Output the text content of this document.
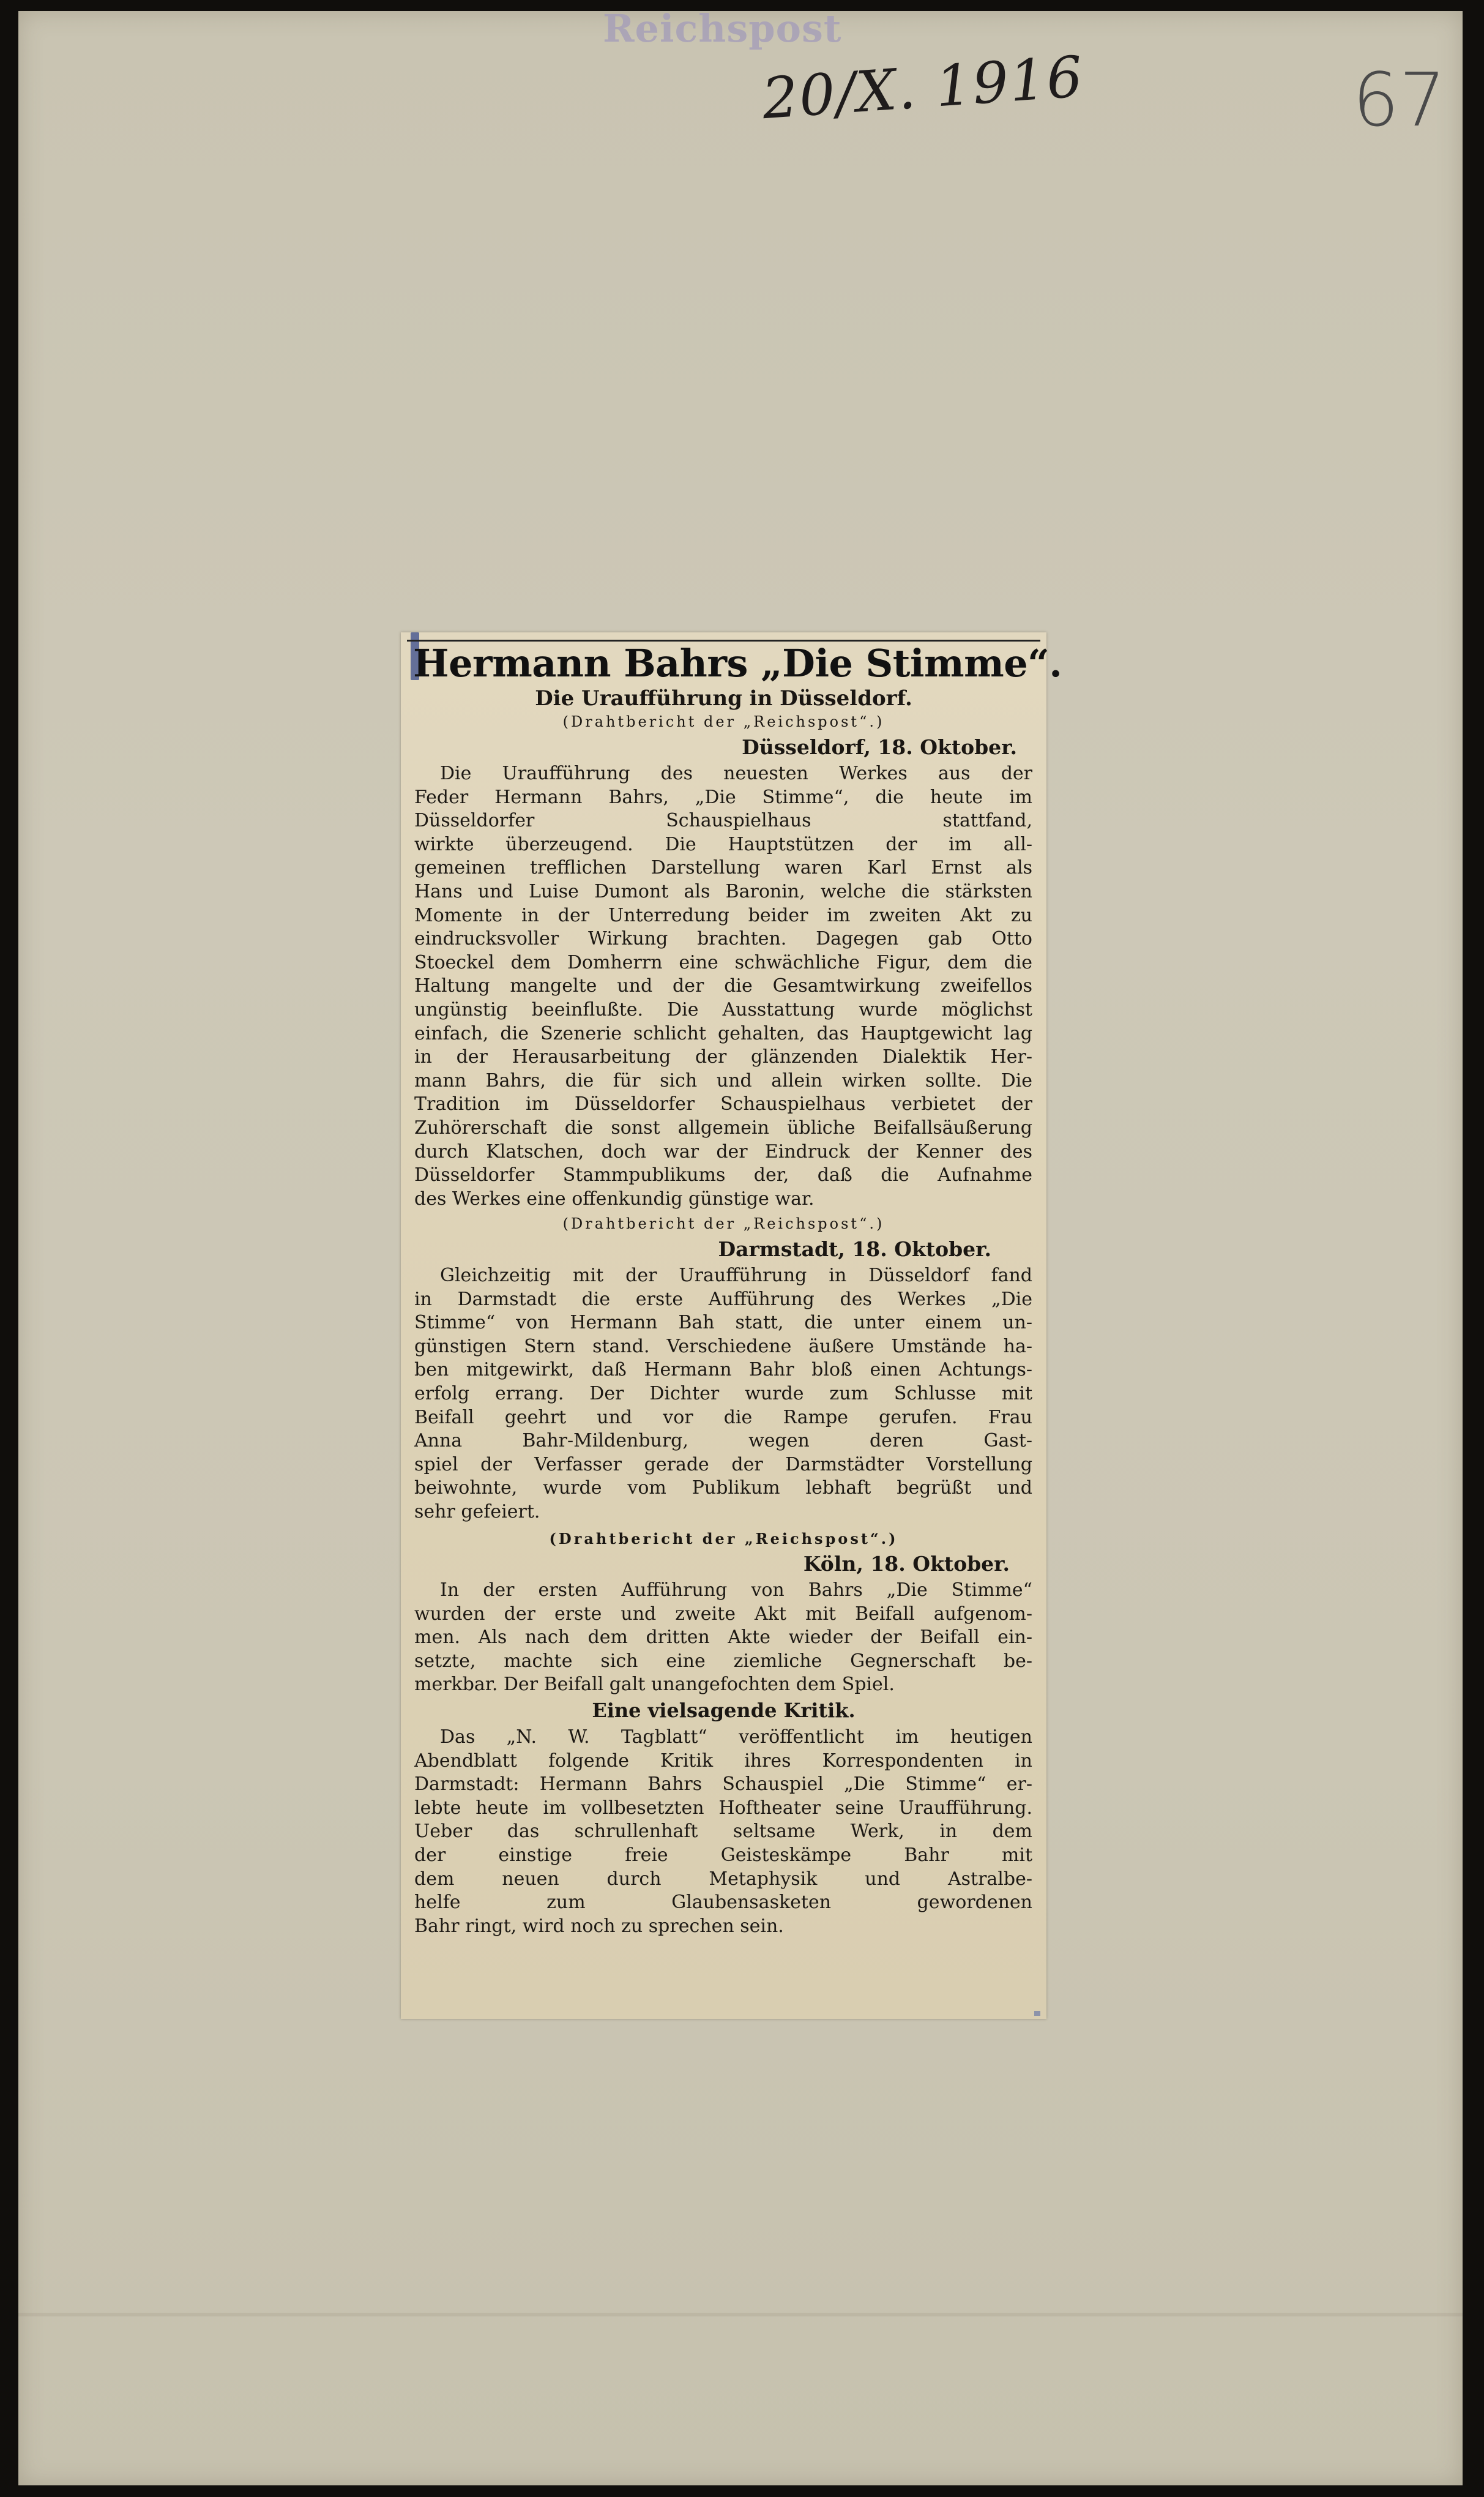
Reichspost
20/X. 1916	67
Hermann Bahrs „Die Stimme“.
Die Uraufführung in Düsseldorf.
(Drahtbericht der „Reichspost“.)
Düsseldorf, 18. Oktober.
Die Uraufführung des neuesten Werkes aus der
Feder Hermann Bahrs, „Die Stimme“, die heute im
Düsseldorfer Schauspielhaus stattfand,
wirkte überzeugend. Die Hauptstützen der im all-
gemeinen trefflichen Darstellung waren Karl Ernst als
Hans und Luise Dumont als Baronin, welche die stärksten
Momente in der Unterredung beider im zweiten Akt zu
eindrucksvoller Wirkung brachten. Dagegen gab Otto
Stoeckel dem Domherrn eine schwächliche Figur, dem die
Haltung mangelte und der die Gesamtwirkung zweifellos
ungünstig beeinflußte. Die Ausstattung wurde möglichst
einfach, die Szenerie schlicht gehalten, das Hauptgewicht lag
in der Herausarbeitung der glänzenden Dialektik Her-
mann Bahrs, die für sich und allein wirken sollte. Die
Tradition im Düsseldorfer Schauspielhaus verbietet der
Zuhörerschaft die sonst allgemein übliche Beifallsäußerung
durch Klatschen, doch war der Eindruck der Kenner des
Düsseldorfer Stammpublikums der, daß die Aufnahme
des Werkes eine offenkundig günstige war.
(Drahtbericht der „Reichspost“.)
Darmstadt, 18. Oktober.
Gleichzeitig mit der Uraufführung in Düsseldorf fand
in Darmstadt die erste Aufführung des Werkes „Die
Stimme“ von Hermann Bah statt, die unter einem un-
günstigen Stern stand. Verschiedene äußere Umstände ha-
ben mitgewirkt, daß Hermann Bahr bloß einen Achtungs-
erfolg errang. Der Dichter wurde zum Schlusse mit
Beifall geehrt und vor die Rampe gerufen. Frau
Anna Bahr-Mildenburg, wegen deren Gast-
spiel der Verfasser gerade der Darmstädter Vorstellung
beiwohnte, wurde vom Publikum lebhaft begrüßt und
sehr gefeiert.
(Drahtbericht der „Reichspost“.)
Köln, 18. Oktober.
In der ersten Aufführung von Bahrs „Die Stimme“
wurden der erste und zweite Akt mit Beifall aufgenom-
men. Als nach dem dritten Akte wieder der Beifall ein-
setzte, machte sich eine ziemliche Gegnerschaft be-
merkbar. Der Beifall galt unangefochten dem Spiel.
Eine vielsagende Kritik.
Das „N. W. Tagblatt“ veröffentlicht im heutigen
Abendblatt folgende Kritik ihres Korrespondenten in
Darmstadt: Hermann Bahrs Schauspiel „Die Stimme“ er-
lebte heute im vollbesetzten Hoftheater seine Uraufführung.
Ueber das schrullenhaft seltsame Werk, in dem
der einstige freie Geisteskämpe Bahr mit
dem neuen durch Metaphysik und Astralbe-
helfe zum Glaubensasketen gewordenen
Bahr ringt, wird noch zu sprechen sein.
